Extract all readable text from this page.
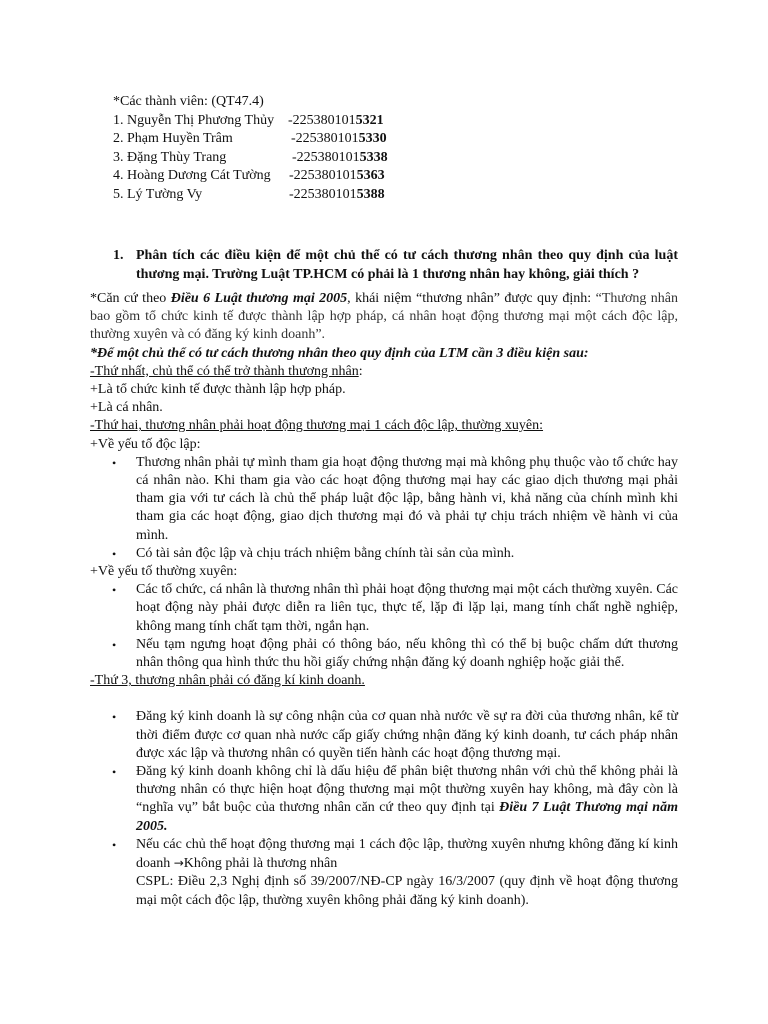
*Các thành viên: (QT47.4)
1. Nguyễn Thị Phương Thủy -2253801015321
2. Phạm Huyền Trâm	-2253801015330
3. Đặng Thùy Trang	-2253801015338
4. Hoàng Dương Cát Tường -2253801015363
5. Lý Tường Vy	-2253801015388
1. Phân tích các điều kiện để một chủ thể có tư cách thương nhân theo quy định của luật thương mại. Trường Luật TP.HCM có phải là 1 thương nhân hay không, giải thích ?

*Căn cứ theo Điều 6 Luật thương mại 2005, khái niệm “thương nhân” được quy định: “Thương nhân bao gồm tổ chức kinh tế được thành lập hợp pháp, cá nhân hoạt động thương mại một cách độc lập, thường xuyên và có đăng ký kinh doanh”.

*Để một chủ thể có tư cách thương nhân theo quy định của LTM cần 3 điều kiện sau:

-Thứ nhất, chủ thể có thể trở thành thương nhân:

+Là tổ chức kinh tế được thành lập hợp pháp.

+Là cá nhân.

-Thứ hai, thương nhân phải hoạt động thương mại 1 cách độc lập, thường xuyên:

+Về yếu tố độc lập:

• Thương nhân phải tự mình tham gia hoạt động thương mại mà không phụ thuộc vào tổ chức hay cá nhân nào. Khi tham gia vào các hoạt động thương mại hay các giao dịch thương mại phải tham gia với tư cách là chủ thể pháp luật độc lập, bằng hành vi, khả năng của chính mình khi tham gia các hoạt động, giao dịch thương mại đó và phải tự chịu trách nhiệm về hành vi của mình.
• Có tài sản độc lập và chịu trách nhiệm bằng chính tài sản của mình.

+Về yếu tố thường xuyên:

• Các tổ chức, cá nhân là thương nhân thì phải hoạt động thương mại một cách thường xuyên. Các hoạt động này phải được diễn ra liên tục, thực tế, lặp đi lặp lại, mang tính chất nghề nghiệp, không mang tính chất tạm thời, ngắn hạn.
• Nếu tạm ngưng hoạt động phải có thông báo, nếu không thì có thể bị buộc chấm dứt thương nhân thông qua hình thức thu hồi giấy chứng nhận đăng ký doanh nghiệp hoặc giải thể.

-Thứ 3, thương nhân phải có đăng kí kinh doanh.

• Đăng ký kinh doanh là sự công nhận của cơ quan nhà nước về sự ra đời của thương nhân, kể từ thời điểm được cơ quan nhà nước cấp giấy chứng nhận đăng ký kinh doanh, tư cách pháp nhân được xác lập và thương nhân có quyền tiến hành các hoạt động thương mại.
• Đăng ký kinh doanh không chỉ là dấu hiệu để phân biệt thương nhân với chủ thể không phải là thương nhân có thực hiện hoạt động thương mại một thường xuyên hay không, mà đây còn là “nghĩa vụ” bắt buộc của thương nhân căn cứ theo quy định tại Điều 7 Luật Thương mại năm 2005.
• Nếu các chủ thể hoạt động thương mại 1 cách độc lập, thường xuyên nhưng không đăng kí kinh doanh →Không phải là thương nhân

CSPL: Điều 2,3 Nghị định số 39/2007/NĐ-CP ngày 16/3/2007 (quy định về hoạt động thương mại một cách độc lập, thường xuyên không phải đăng ký kinh doanh).
